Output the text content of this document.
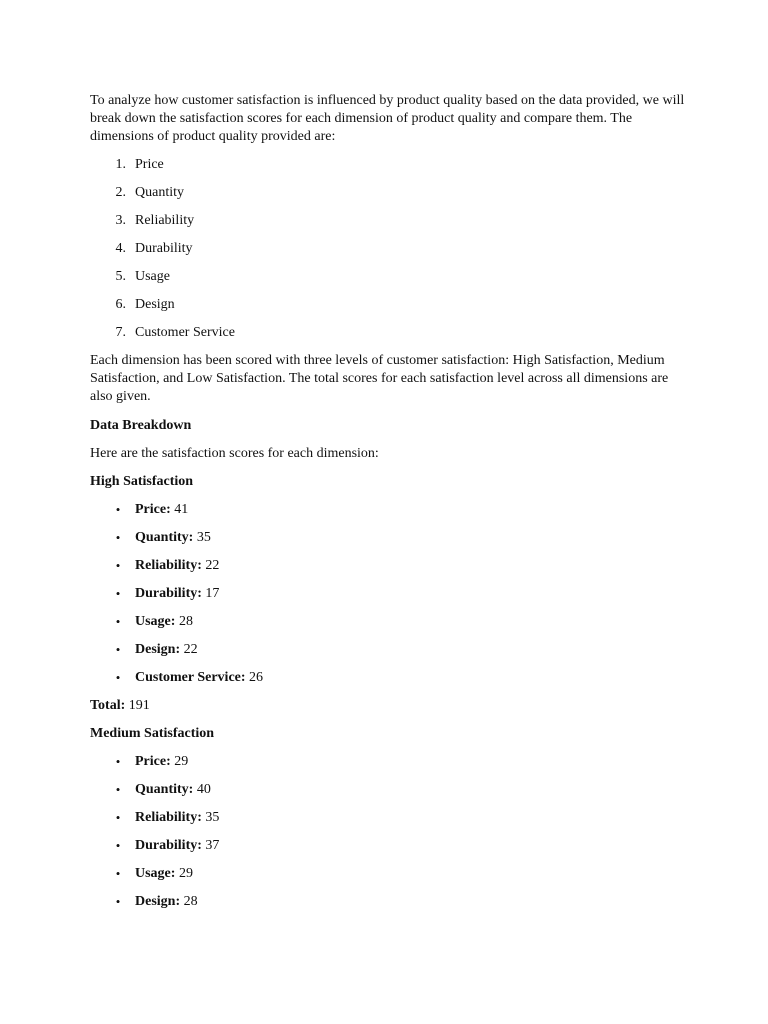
To analyze how customer satisfaction is influenced by product quality based on the data provided, we will break down the satisfaction scores for each dimension of product quality and compare them. The dimensions of product quality provided are:

1. Price
2. Quantity
3. Reliability
4. Durability
5. Usage
6. Design
7. Customer Service

Each dimension has been scored with three levels of customer satisfaction: High Satisfaction, Medium Satisfaction, and Low Satisfaction. The total scores for each satisfaction level across all dimensions are also given.

Data Breakdown

Here are the satisfaction scores for each dimension:

High Satisfaction

• Price: 41
• Quantity: 35
• Reliability: 22
• Durability: 17
• Usage: 28
• Design: 22
• Customer Service: 26

Total: 191

Medium Satisfaction

• Price: 29
• Quantity: 40
• Reliability: 35
• Durability: 37
• Usage: 29
• Design: 28
